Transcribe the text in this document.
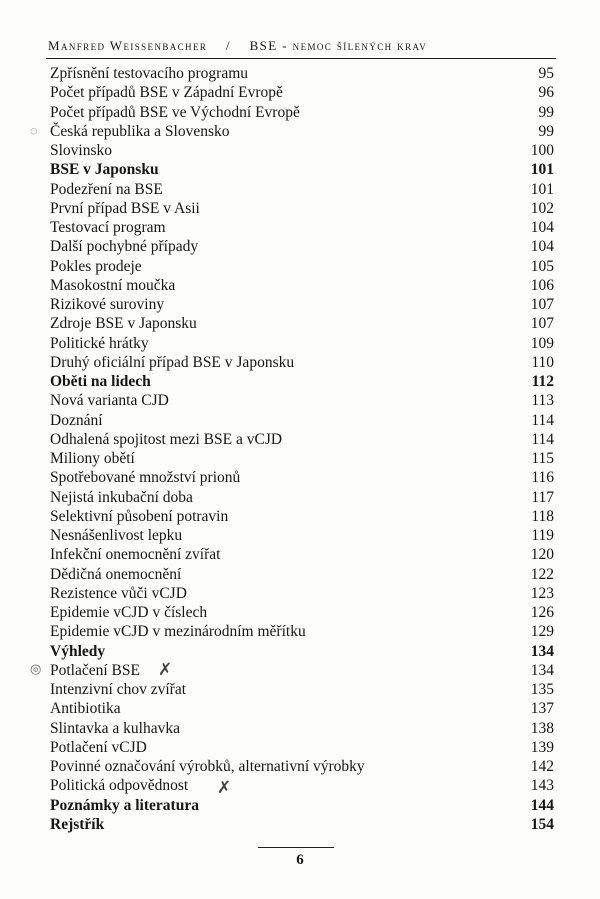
Manfred Weissenbacher / BSE - nemoc šílených krav
Zpřísnění testovacího programu	95
Počet případů BSE v Západní Evropě	96
Počet případů BSE ve Východní Evropě	99
Česká republika a Slovensko	99
Slovinsko	100
BSE v Japonsku	101
Podezření na BSE	101
První případ BSE v Asii	102
Testovací program	104
Další pochybné případy	104
Pokles prodeje	105
Masokostní moučka	106
Rizikové suroviny	107
Zdroje BSE v Japonsku	107
Politické hrátky	109
Druhý oficiální případ BSE v Japonsku	110
Oběti na lidech	112
Nová varianta CJD	113
Doznání	114
Odhalená spojitost mezi BSE a vCJD	114
Miliony obětí	115
Spotřebované množství prionů	116
Nejistá inkubační doba	117
Selektivní působení potravin	118
Nesnášenlivost lepku	119
Infekční onemocnění zvířat	120
Dědičná onemocnění	122
Rezistence vůči vCJD	123
Epidemie vCJD v číslech	126
Epidemie vCJD v mezinárodním měřítku	129
Výhledy	134
Potlačení BSE	134
Intenzivní chov zvířat	135
Antibiotika	137
Slintavka a kulhavka	138
Potlačení vCJD	139
Povinné označování výrobků, alternativní výrobky	142
Politická odpovědnost	143
Poznámky a literatura	144
Rejstřík	154
◌
◎	✗
✗
6
